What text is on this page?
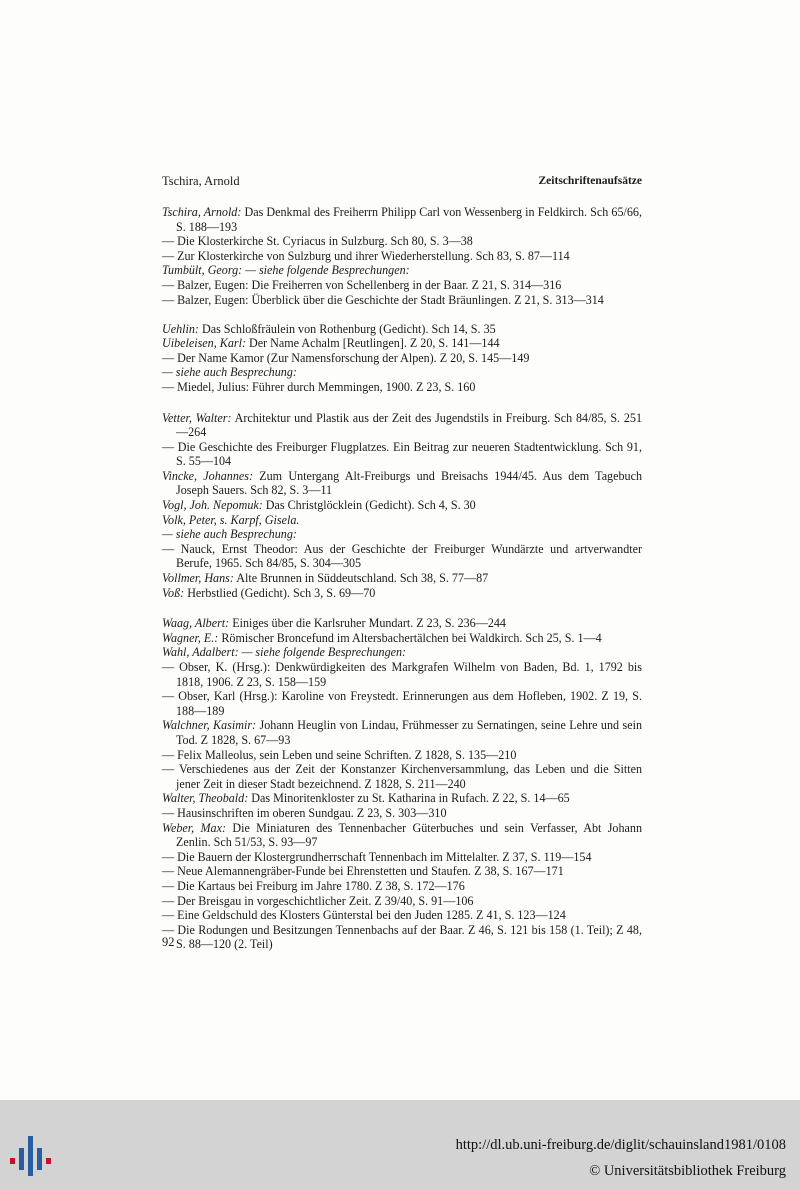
Tschira, Arnold	Zeitschriftenaufsätze

Tschira, Arnold: Das Denkmal des Freiherrn Philipp Carl von Wessenberg in Feldkirch. Sch 65/66, S. 188—193

— Die Klosterkirche St. Cyriacus in Sulzburg. Sch 80, S. 3—38

— Zur Klosterkirche von Sulzburg und ihrer Wiederherstellung. Sch 83, S. 87—114

Tumbült, Georg: — siehe folgende Besprechungen:

— Balzer, Eugen: Die Freiherren von Schellenberg in der Baar. Z 21, S. 314—316

— Balzer, Eugen: Überblick über die Geschichte der Stadt Bräunlingen. Z 21, S. 313—314

Uehlin: Das Schloßfräulein von Rothenburg (Gedicht). Sch 14, S. 35

Uibeleisen, Karl: Der Name Achalm [Reutlingen]. Z 20, S. 141—144

— Der Name Kamor (Zur Namensforschung der Alpen). Z 20, S. 145—149

— siehe auch Besprechung:

— Miedel, Julius: Führer durch Memmingen, 1900. Z 23, S. 160

Vetter, Walter: Architektur und Plastik aus der Zeit des Jugendstils in Freiburg. Sch 84/85, S. 251—264

— Die Geschichte des Freiburger Flugplatzes. Ein Beitrag zur neueren Stadtentwicklung. Sch 91, S. 55—104

Vincke, Johannes: Zum Untergang Alt-Freiburgs und Breisachs 1944/45. Aus dem Tagebuch Joseph Sauers. Sch 82, S. 3—11

Vogl, Joh. Nepomuk: Das Christglöcklein (Gedicht). Sch 4, S. 30

Volk, Peter, s. Karpf, Gisela.

— siehe auch Besprechung:

— Nauck, Ernst Theodor: Aus der Geschichte der Freiburger Wundärzte und artverwandter Berufe, 1965. Sch 84/85, S. 304—305

Vollmer, Hans: Alte Brunnen in Süddeutschland. Sch 38, S. 77—87

Voß: Herbstlied (Gedicht). Sch 3, S. 69—70

Waag, Albert: Einiges über die Karlsruher Mundart. Z 23, S. 236—244

Wagner, E.: Römischer Broncefund im Altersbachertälchen bei Waldkirch. Sch 25, S. 1—4

Wahl, Adalbert: — siehe folgende Besprechungen:

— Obser, K. (Hrsg.): Denkwürdigkeiten des Markgrafen Wilhelm von Baden, Bd. 1, 1792 bis 1818, 1906. Z 23, S. 158—159

— Obser, Karl (Hrsg.): Karoline von Freystedt. Erinnerungen aus dem Hofleben, 1902. Z 19, S. 188—189

Walchner, Kasimir: Johann Heuglin von Lindau, Frühmesser zu Sernatingen, seine Lehre und sein Tod. Z 1828, S. 67—93

— Felix Malleolus, sein Leben und seine Schriften. Z 1828, S. 135—210

— Verschiedenes aus der Zeit der Konstanzer Kirchenversammlung, das Leben und die Sitten jener Zeit in dieser Stadt bezeichnend. Z 1828, S. 211—240

Walter, Theobald: Das Minoritenkloster zu St. Katharina in Rufach. Z 22, S. 14—65

— Hausinschriften im oberen Sundgau. Z 23, S. 303—310

Weber, Max: Die Miniaturen des Tennenbacher Güterbuches und sein Verfasser, Abt Johann Zenlin. Sch 51/53, S. 93—97

— Die Bauern der Klostergrundherrschaft Tennenbach im Mittelalter. Z 37, S. 119—154

— Neue Alemannengräber-Funde bei Ehrenstetten und Staufen. Z 38, S. 167—171

— Die Kartaus bei Freiburg im Jahre 1780. Z 38, S. 172—176

— Der Breisgau in vorgeschichtlicher Zeit. Z 39/40, S. 91—106

— Eine Geldschuld des Klosters Günterstal bei den Juden 1285. Z 41, S. 123—124

— Die Rodungen und Besitzungen Tennenbachs auf der Baar. Z 46, S. 121 bis 158 (1. Teil); Z 48, S. 88—120 (2. Teil)

92
http://dl.ub.uni-freiburg.de/diglit/schauinsland1981/0108
© Universitätsbibliothek Freiburg
